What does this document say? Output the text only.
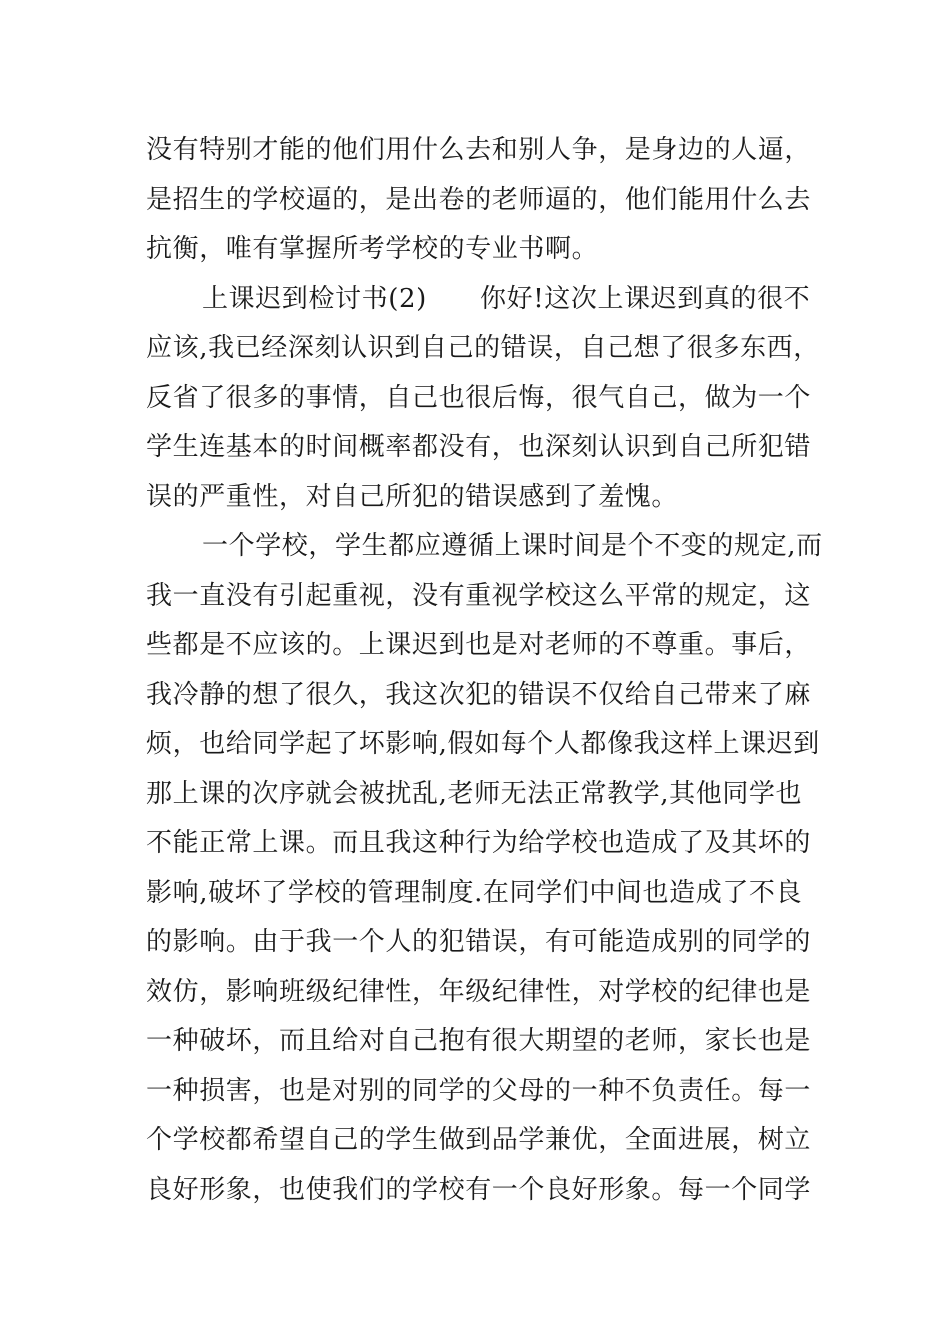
没有特别才能的他们用什么去和别人争，是身边的人逼，
是招生的学校逼的，是出卷的老师逼的，他们能用什么去
抗衡，唯有掌握所考学校的专业书啊。
上课迟到检讨书(2)　　你好!这次上课迟到真的很不
应该,我已经深刻认识到自己的错误，自己想了很多东西，
反省了很多的事情，自己也很后悔，很气自己，做为一个
学生连基本的时间概率都没有，也深刻认识到自己所犯错
误的严重性，对自己所犯的错误感到了羞愧。
一个学校，学生都应遵循上课时间是个不变的规定,而
我一直没有引起重视，没有重视学校这么平常的规定，这
些都是不应该的。上课迟到也是对老师的不尊重。事后，
我冷静的想了很久，我这次犯的错误不仅给自己带来了麻
烦，也给同学起了坏影响,假如每个人都像我这样上课迟到
那上课的次序就会被扰乱,老师无法正常教学,其他同学也
不能正常上课。而且我这种行为给学校也造成了及其坏的
影响,破坏了学校的管理制度.在同学们中间也造成了不良
的影响。由于我一个人的犯错误，有可能造成别的同学的
效仿，影响班级纪律性，年级纪律性，对学校的纪律也是
一种破坏，而且给对自己抱有很大期望的老师，家长也是
一种损害，也是对别的同学的父母的一种不负责任。每一
个学校都希望自己的学生做到品学兼优，全面进展，树立
良好形象，也使我们的学校有一个良好形象。每一个同学
